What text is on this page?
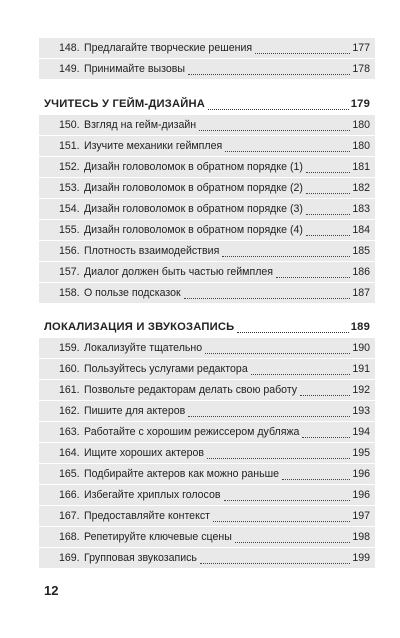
148. Предлагайте творческие решения	177
149. Принимайте вызовы	178
УЧИТЕСЬ У ГЕЙМ-ДИЗАЙНА	179
150. Взгляд на гейм-дизайн	180
151. Изучите механики геймплея	180
152. Дизайн головоломок в обратном порядке (1)	181
153. Дизайн головоломок в обратном порядке (2)	182
154. Дизайн головоломок в обратном порядке (3)	183
155. Дизайн головоломок в обратном порядке (4)	184
156. Плотность взаимодействия	185
157. Диалог должен быть частью геймплея	186
158. О пользе подсказок	187
ЛОКАЛИЗАЦИЯ И ЗВУКОЗАПИСЬ	189
159. Локализуйте тщательно	190
160. Пользуйтесь услугами редактора	191
161. Позвольте редакторам делать свою работу	192
162. Пишите для актеров	193
163. Работайте с хорошим режиссером дубляжа	194
164. Ищите хороших актеров	195
165. Подбирайте актеров как можно раньше	196
166. Избегайте хриплых голосов	196
167. Предоставляйте контекст	197
168. Репетируйте ключевые сцены	198
169. Групповая звукозапись	199
12
